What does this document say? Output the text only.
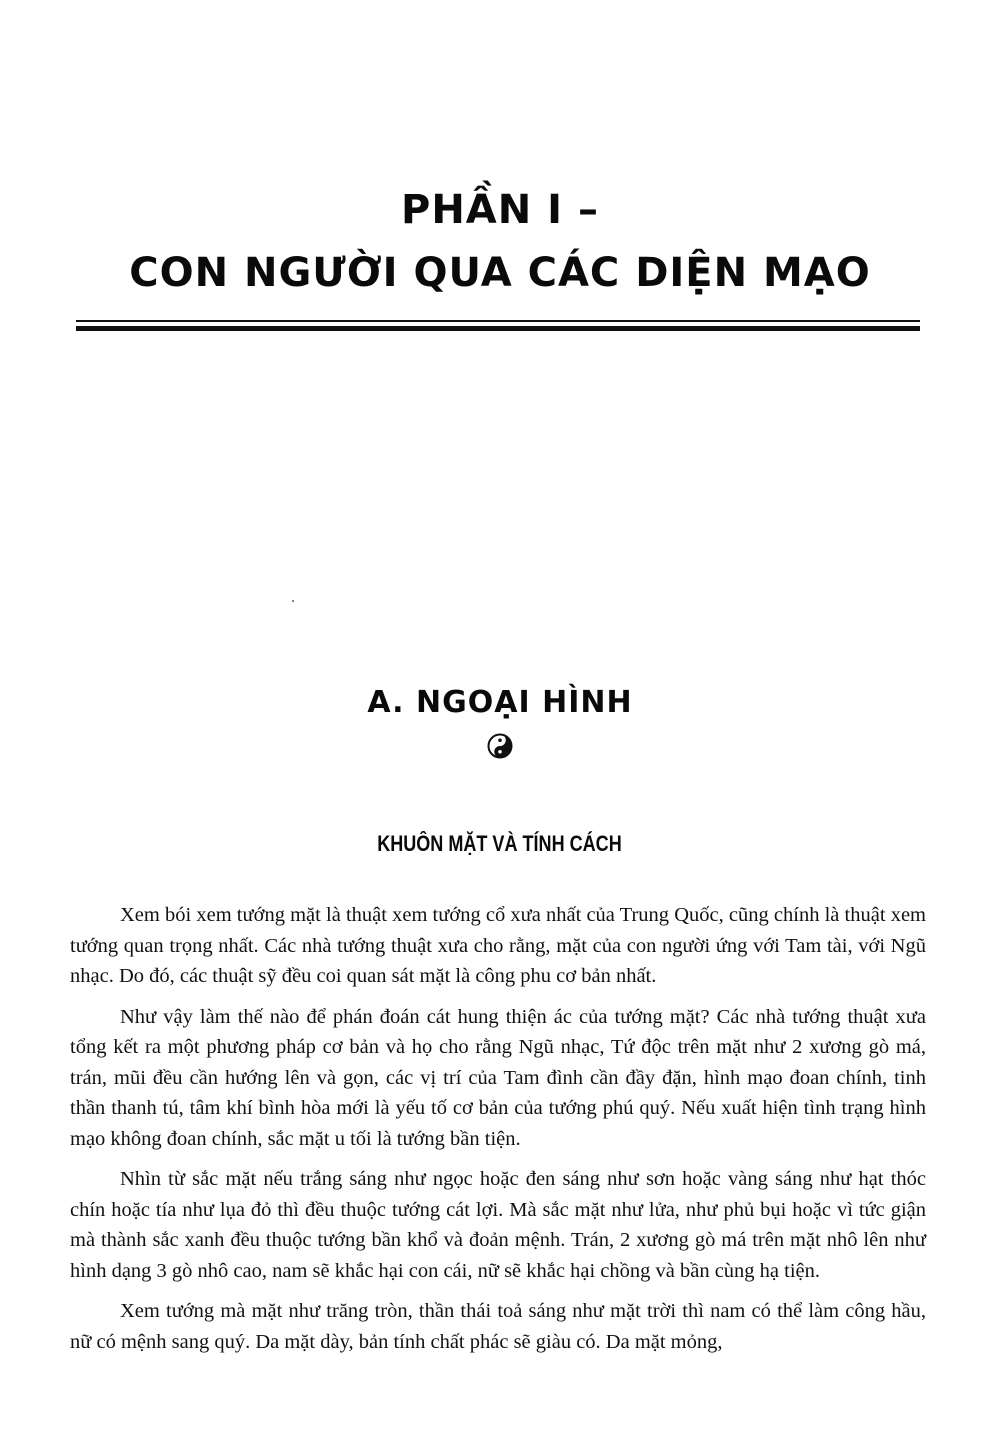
PHẦN I –
CON NGƯỜI QUA CÁC DIỆN MẠO
A. NGOẠI HÌNH
KHUÔN MẶT VÀ TÍNH CÁCH

Xem bói xem tướng mặt là thuật xem tướng cổ xưa nhất của Trung Quốc, cũng chính là thuật xem tướng quan trọng nhất. Các nhà tướng thuật xưa cho rằng, mặt của con người ứng với Tam tài, với Ngũ nhạc. Do đó, các thuật sỹ đều coi quan sát mặt là công phu cơ bản nhất.

Như vậy làm thế nào để phán đoán cát hung thiện ác của tướng mặt? Các nhà tướng thuật xưa tổng kết ra một phương pháp cơ bản và họ cho rằng Ngũ nhạc, Tứ độc trên mặt như 2 xương gò má, trán, mũi đều cần hướng lên và gọn, các vị trí của Tam đình cần đầy đặn, hình mạo đoan chính, tinh thần thanh tú, tâm khí bình hòa mới là yếu tố cơ bản của tướng phú quý. Nếu xuất hiện tình trạng hình mạo không đoan chính, sắc mặt u tối là tướng bần tiện.

Nhìn từ sắc mặt nếu trắng sáng như ngọc hoặc đen sáng như sơn hoặc vàng sáng như hạt thóc chín hoặc tía như lụa đỏ thì đều thuộc tướng cát lợi. Mà sắc mặt như lửa, như phủ bụi hoặc vì tức giận mà thành sắc xanh đều thuộc tướng bần khổ và đoản mệnh. Trán, 2 xương gò má trên mặt nhô lên như hình dạng 3 gò nhô cao, nam sẽ khắc hại con cái, nữ sẽ khắc hại chồng và bần cùng hạ tiện.

Xem tướng mà mặt như trăng tròn, thần thái toả sáng như mặt trời thì nam có thể làm công hầu, nữ có mệnh sang quý. Da mặt dày, bản tính chất phác sẽ giàu có. Da mặt mỏng,
